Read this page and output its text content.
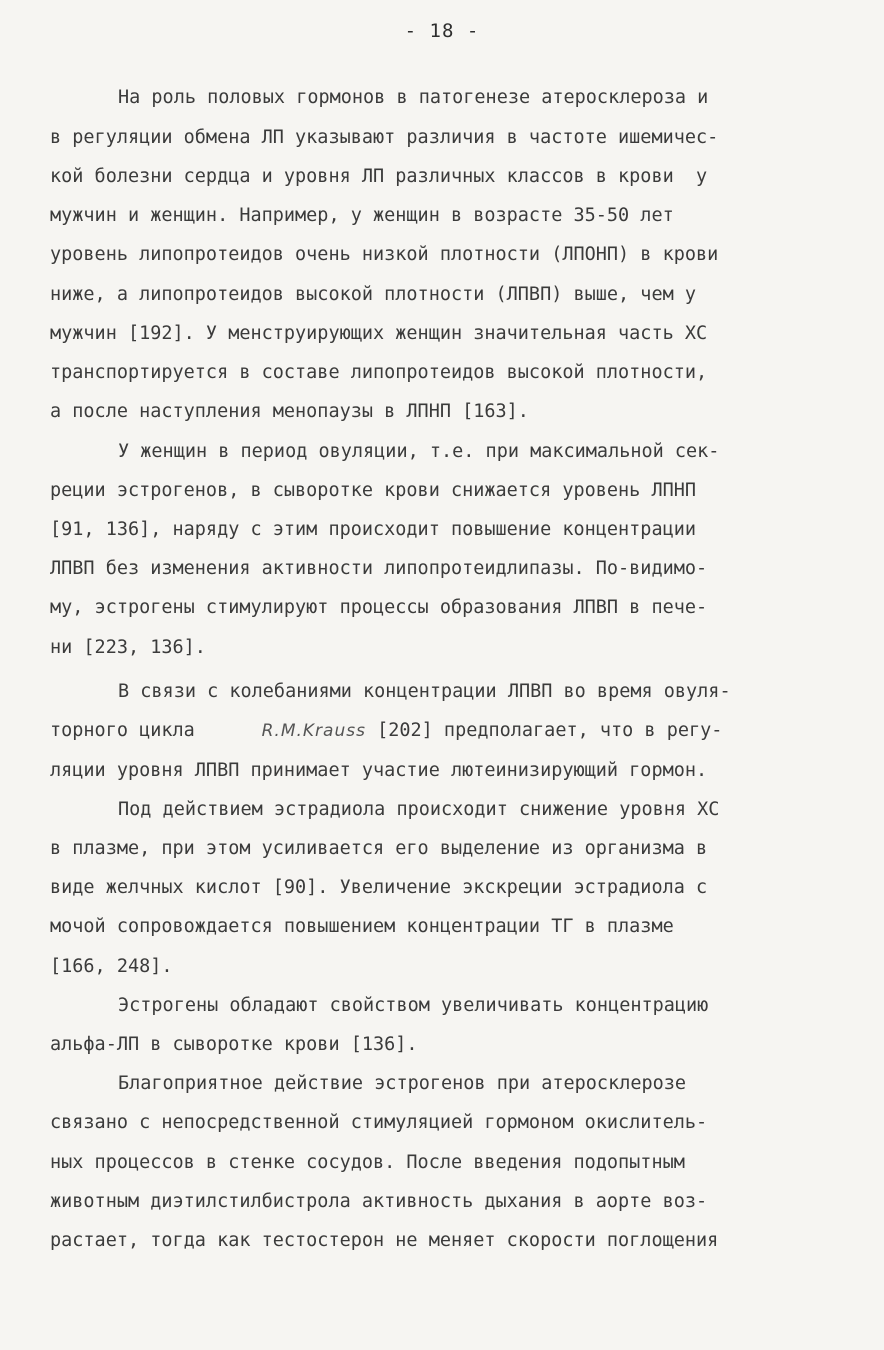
- 18 -
На роль половых гормонов в патогенезе атеросклероза и
в регуляции обмена ЛП указывают различия в частоте ишемичес-
кой болезни сердца и уровня ЛП различных классов в крови  у
мужчин и женщин. Например, у женщин в возрасте 35-50 лет
уровень липопротеидов очень низкой плотности (ЛПОНП) в крови
ниже, а липопротеидов высокой плотности (ЛПВП) выше, чем у
мужчин [192]. У менструирующих женщин значительная часть ХС
транспортируется в составе липопротеидов высокой плотности,
а после наступления менопаузы в ЛПНП [163].
У женщин в период овуляции, т.е. при максимальной сек-
реции эстрогенов, в сыворотке крови снижается уровень ЛПНП
[91, 136], наряду с этим происходит повышение концентрации
ЛПВП без изменения активности липопротеидлипазы. По-видимо-
му, эстрогены стимулируют процессы образования ЛПВП в пече-
ни [223, 136].
В связи с колебаниями концентрации ЛПВП во время овуля-
торного цикла      R.M.Krauss [202] предполагает, что в регу-
ляции уровня ЛПВП принимает участие лютеинизирующий гормон.
Под действием эстрадиола происходит снижение уровня ХС
в плазме, при этом усиливается его выделение из организма в
виде желчных кислот [90]. Увеличение экскреции эстрадиола с
мочой сопровождается повышением концентрации ТГ в плазме
[166, 248].
Эстрогены обладают свойством увеличивать концентрацию
альфа-ЛП в сыворотке крови [136].
Благоприятное действие эстрогенов при атеросклерозе
связано с непосредственной стимуляцией гормоном окислитель-
ных процессов в стенке сосудов. После введения подопытным
животным диэтилстилбистрола активность дыхания в аорте воз-
растает, тогда как тестостерон не меняет скорости поглощения
